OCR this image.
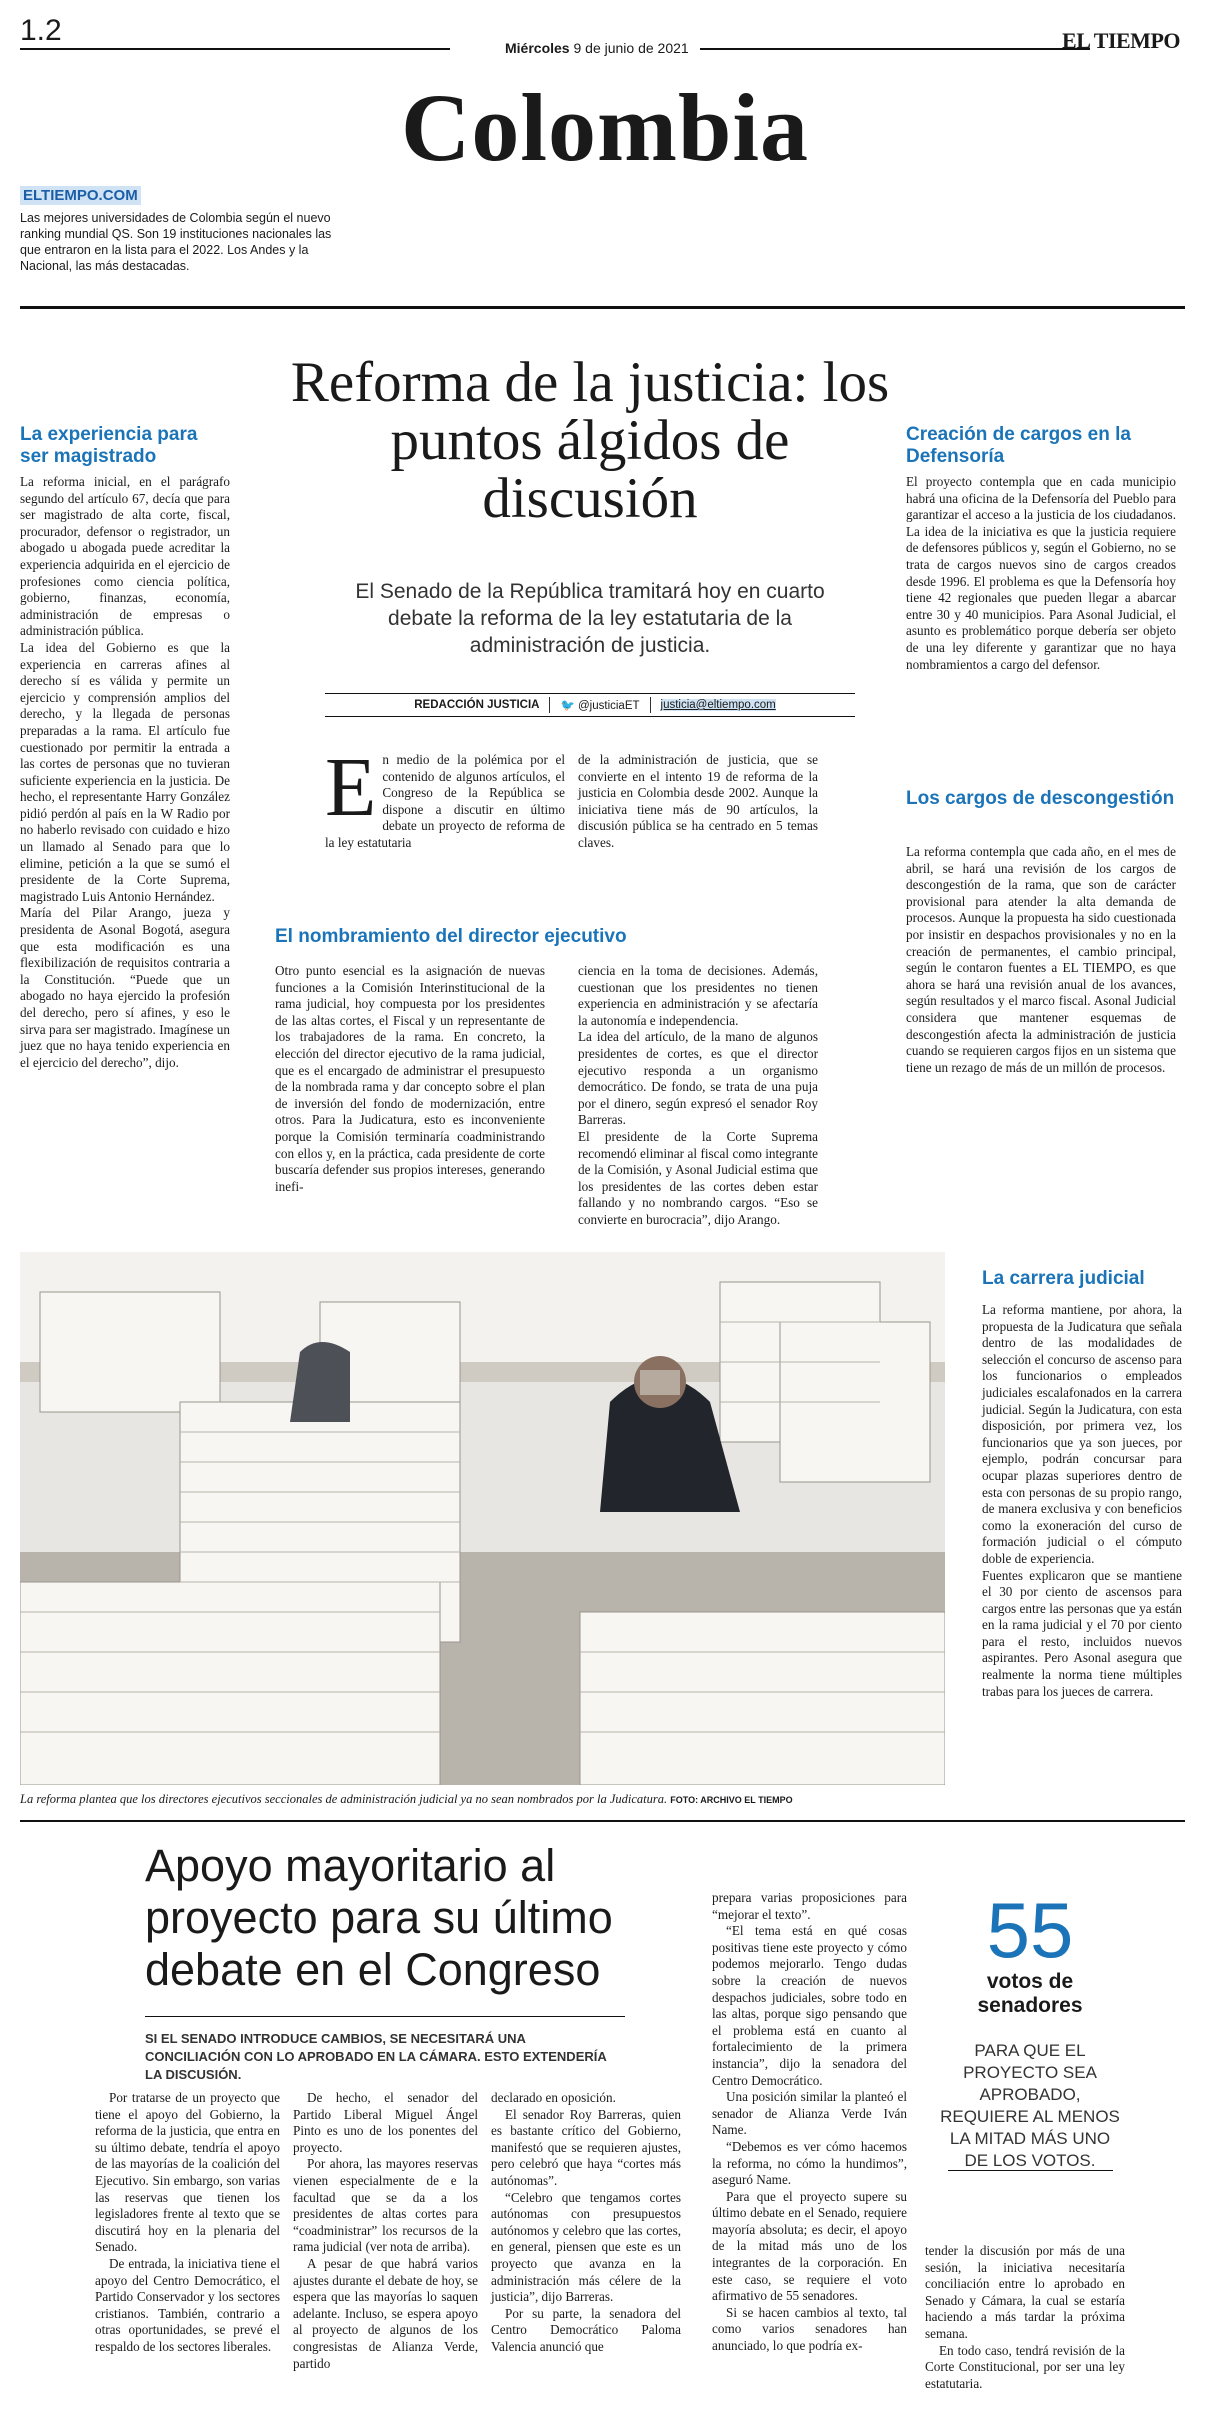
1.2
Miércoles 9 de junio de 2021	EL TIEMPO
Colombia
ELTIEMPO.COM
Las mejores universidades de Colombia según el nuevo ranking mundial QS. Son 19 instituciones nacionales las que entraron en la lista para el 2022. Los Andes y la Nacional, las más destacadas.
La experiencia para ser magistrado

La reforma inicial, en el parágrafo segundo del artículo 67, decía que para ser magistrado de alta corte, fiscal, procurador, defensor o registrador, un abogado u abogada puede acreditar la experiencia adquirida en el ejercicio de profesiones como ciencia política, gobierno, finanzas, economía, administración de empresas o administración pública.

La idea del Gobierno es que la experiencia en carreras afines al derecho sí es válida y permite un ejercicio y comprensión amplios del derecho, y la llegada de personas preparadas a la rama. El artículo fue cuestionado por permitir la entrada a las cortes de personas que no tuvieran suficiente experiencia en la justicia. De hecho, el representante Harry González pidió perdón al país en la W Radio por no haberlo revisado con cuidado e hizo un llamado al Senado para que lo elimine, petición a la que se sumó el presidente de la Corte Suprema, magistrado Luis Antonio Hernández.

María del Pilar Arango, jueza y presidenta de Asonal Bogotá, asegura que esta modificación es una flexibilización de requisitos contraria a la Constitución. “Puede que un abogado no haya ejercido la profesión del derecho, pero sí afines, y eso le sirva para ser magistrado. Imagínese un juez que no haya tenido experiencia en el ejercicio del derecho”, dijo.

Reforma de la justicia: los puntos álgidos de discusión
El Senado de la República tramitará hoy en cuarto debate la reforma de la ley estatutaria de la administración de justicia.
REDACCIÓN JUSTICIA 🐦 @justiciaET justicia@eltiempo.com
E n medio de la polémica por el contenido de algunos artículos, el Congreso de la República se dispone a discutir en último debate un proyecto de reforma de la ley estatutaria
de la administración de justicia, que se convierte en el intento 19 de reforma de la justicia en Colombia desde 2002. Aunque la iniciativa tiene más de 90 artículos, la discusión pública se ha centrado en 5 temas claves.
El nombramiento del director ejecutivo

Otro punto esencial es la asignación de nuevas funciones a la Comisión Interinstitucional de la rama judicial, hoy compuesta por los presidentes de las altas cortes, el Fiscal y un representante de los trabajadores de la rama. En concreto, la elección del director ejecutivo de la rama judicial, que es el encargado de administrar el presupuesto de la nombrada rama y dar concepto sobre el plan de inversión del fondo de modernización, entre otros. Para la Judicatura, esto es inconveniente porque la Comisión terminaría coadministrando con ellos y, en la práctica, cada presidente de corte buscaría defender sus propios intereses, generando inefi-

ciencia en la toma de decisiones. Además, cuestionan que los presidentes no tienen experiencia en administración y se afectaría la autonomía e independencia.

La idea del artículo, de la mano de algunos presidentes de cortes, es que el director ejecutivo responda a un organismo democrático. De fondo, se trata de una puja por el dinero, según expresó el senador Roy Barreras.

El presidente de la Corte Suprema recomendó eliminar al fiscal como integrante de la Comisión, y Asonal Judicial estima que los presidentes de las cortes deben estar fallando y no nombrando cargos. “Eso se convierte en burocracia”, dijo Arango.

Creación de cargos en la Defensoría

El proyecto contempla que en cada municipio habrá una oficina de la Defensoría del Pueblo para garantizar el acceso a la justicia de los ciudadanos. La idea de la iniciativa es que la justicia requiere de defensores públicos y, según el Gobierno, no se trata de cargos nuevos sino de cargos creados desde 1996. El problema es que la Defensoría hoy tiene 42 regionales que pueden llegar a abarcar entre 30 y 40 municipios. Para Asonal Judicial, el asunto es problemático porque debería ser objeto de una ley diferente y garantizar que no haya nombramientos a cargo del defensor.

Los cargos de descongestión

La reforma contempla que cada año, en el mes de abril, se hará una revisión de los cargos de descongestión de la rama, que son de carácter provisional para atender la alta demanda de procesos. Aunque la propuesta ha sido cuestionada por insistir en despachos provisionales y no en la creación de permanentes, el cambio principal, según le contaron fuentes a EL TIEMPO, es que ahora se hará una revisión anual de los avances, según resultados y el marco fiscal. Asonal Judicial considera que mantener esquemas de descongestión afecta la administración de justicia cuando se requieren cargos fijos en un sistema que tiene un rezago de más de un millón de procesos.

La carrera judicial

La reforma mantiene, por ahora, la propuesta de la Judicatura que señala dentro de las modalidades de selección el concurso de ascenso para los funcionarios o empleados judiciales escalafonados en la carrera judicial. Según la Judicatura, con esta disposición, por primera vez, los funcionarios que ya son jueces, por ejemplo, podrán concursar para ocupar plazas superiores dentro de esta con personas de su propio rango, de manera exclusiva y con beneficios como la exoneración del curso de formación judicial o el cómputo doble de experiencia.

Fuentes explicaron que se mantiene el 30 por ciento de ascensos para cargos entre las personas que ya están en la rama judicial y el 70 por ciento para el resto, incluidos nuevos aspirantes. Pero Asonal asegura que realmente la norma tiene múltiples trabas para los jueces de carrera.

La reforma plantea que los directores ejecutivos seccionales de administración judicial ya no sean nombrados por la Judicatura. FOTO: ARCHIVO EL TIEMPO
Apoyo mayoritario al proyecto para su último debate en el Congreso
SI EL SENADO INTRODUCE CAMBIOS, SE NECESITARÁ UNA CONCILIACIÓN CON LO APROBADO EN LA CÁMARA. ESTO EXTENDERÍA LA DISCUSIÓN.

Por tratarse de un proyecto que tiene el apoyo del Gobierno, la reforma de la justicia, que entra en su último debate, tendría el apoyo de las mayorías de la coalición del Ejecutivo. Sin embargo, son varias las reservas que tienen los legisladores frente al texto que se discutirá hoy en la plenaria del Senado.

De entrada, la iniciativa tiene el apoyo del Centro Democrático, el Partido Conservador y los sectores cristianos. También, contrario a otras oportunidades, se prevé el respaldo de los sectores liberales.

De hecho, el senador del Partido Liberal Miguel Ángel Pinto es uno de los ponentes del proyecto.

Por ahora, las mayores reservas vienen especialmente de e la facultad que se da a los presidentes de altas cortes para “coadministrar” los recursos de la rama judicial (ver nota de arriba).

A pesar de que habrá varios ajustes durante el debate de hoy, se espera que las mayorías lo saquen adelante. Incluso, se espera apoyo al proyecto de algunos de los congresistas de Alianza Verde, partido

declarado en oposición.

El senador Roy Barreras, quien es bastante crítico del Gobierno, manifestó que se requieren ajustes, pero celebró que haya “cortes más autónomas”.

“Celebro que tengamos cortes autónomas con presupuestos autónomos y celebro que las cortes, en general, piensen que este es un proyecto que avanza en la administración más célere de la justicia”, dijo Barreras.

Por su parte, la senadora del Centro Democrático Paloma Valencia anunció que

prepara varias proposiciones para “mejorar el texto”.

“El tema está en qué cosas positivas tiene este proyecto y cómo podemos mejorarlo. Tengo dudas sobre la creación de nuevos despachos judiciales, sobre todo en las altas, porque sigo pensando que el problema está en cuanto al fortalecimiento de la primera instancia”, dijo la senadora del Centro Democrático.

Una posición similar la planteó el senador de Alianza Verde Iván Name.

“Debemos es ver cómo hacemos la reforma, no cómo la hundimos”, aseguró Name.

Para que el proyecto supere su último debate en el Senado, requiere mayoría absoluta; es decir, el apoyo de la mitad más uno de los integrantes de la corporación. En este caso, se requiere el voto afirmativo de 55 senadores.

Si se hacen cambios al texto, tal como varios senadores han anunciado, lo que podría ex-

55
votos de senadores
PARA QUE EL PROYECTO SEA APROBADO, REQUIERE AL MENOS LA MITAD MÁS UNO DE LOS VOTOS.

tender la discusión por más de una sesión, la iniciativa necesitaría conciliación entre lo aprobado en Senado y Cámara, la cual se estaría haciendo a más tardar la próxima semana.

En todo caso, tendrá revisión de la Corte Constitucional, por ser una ley estatutaria.
